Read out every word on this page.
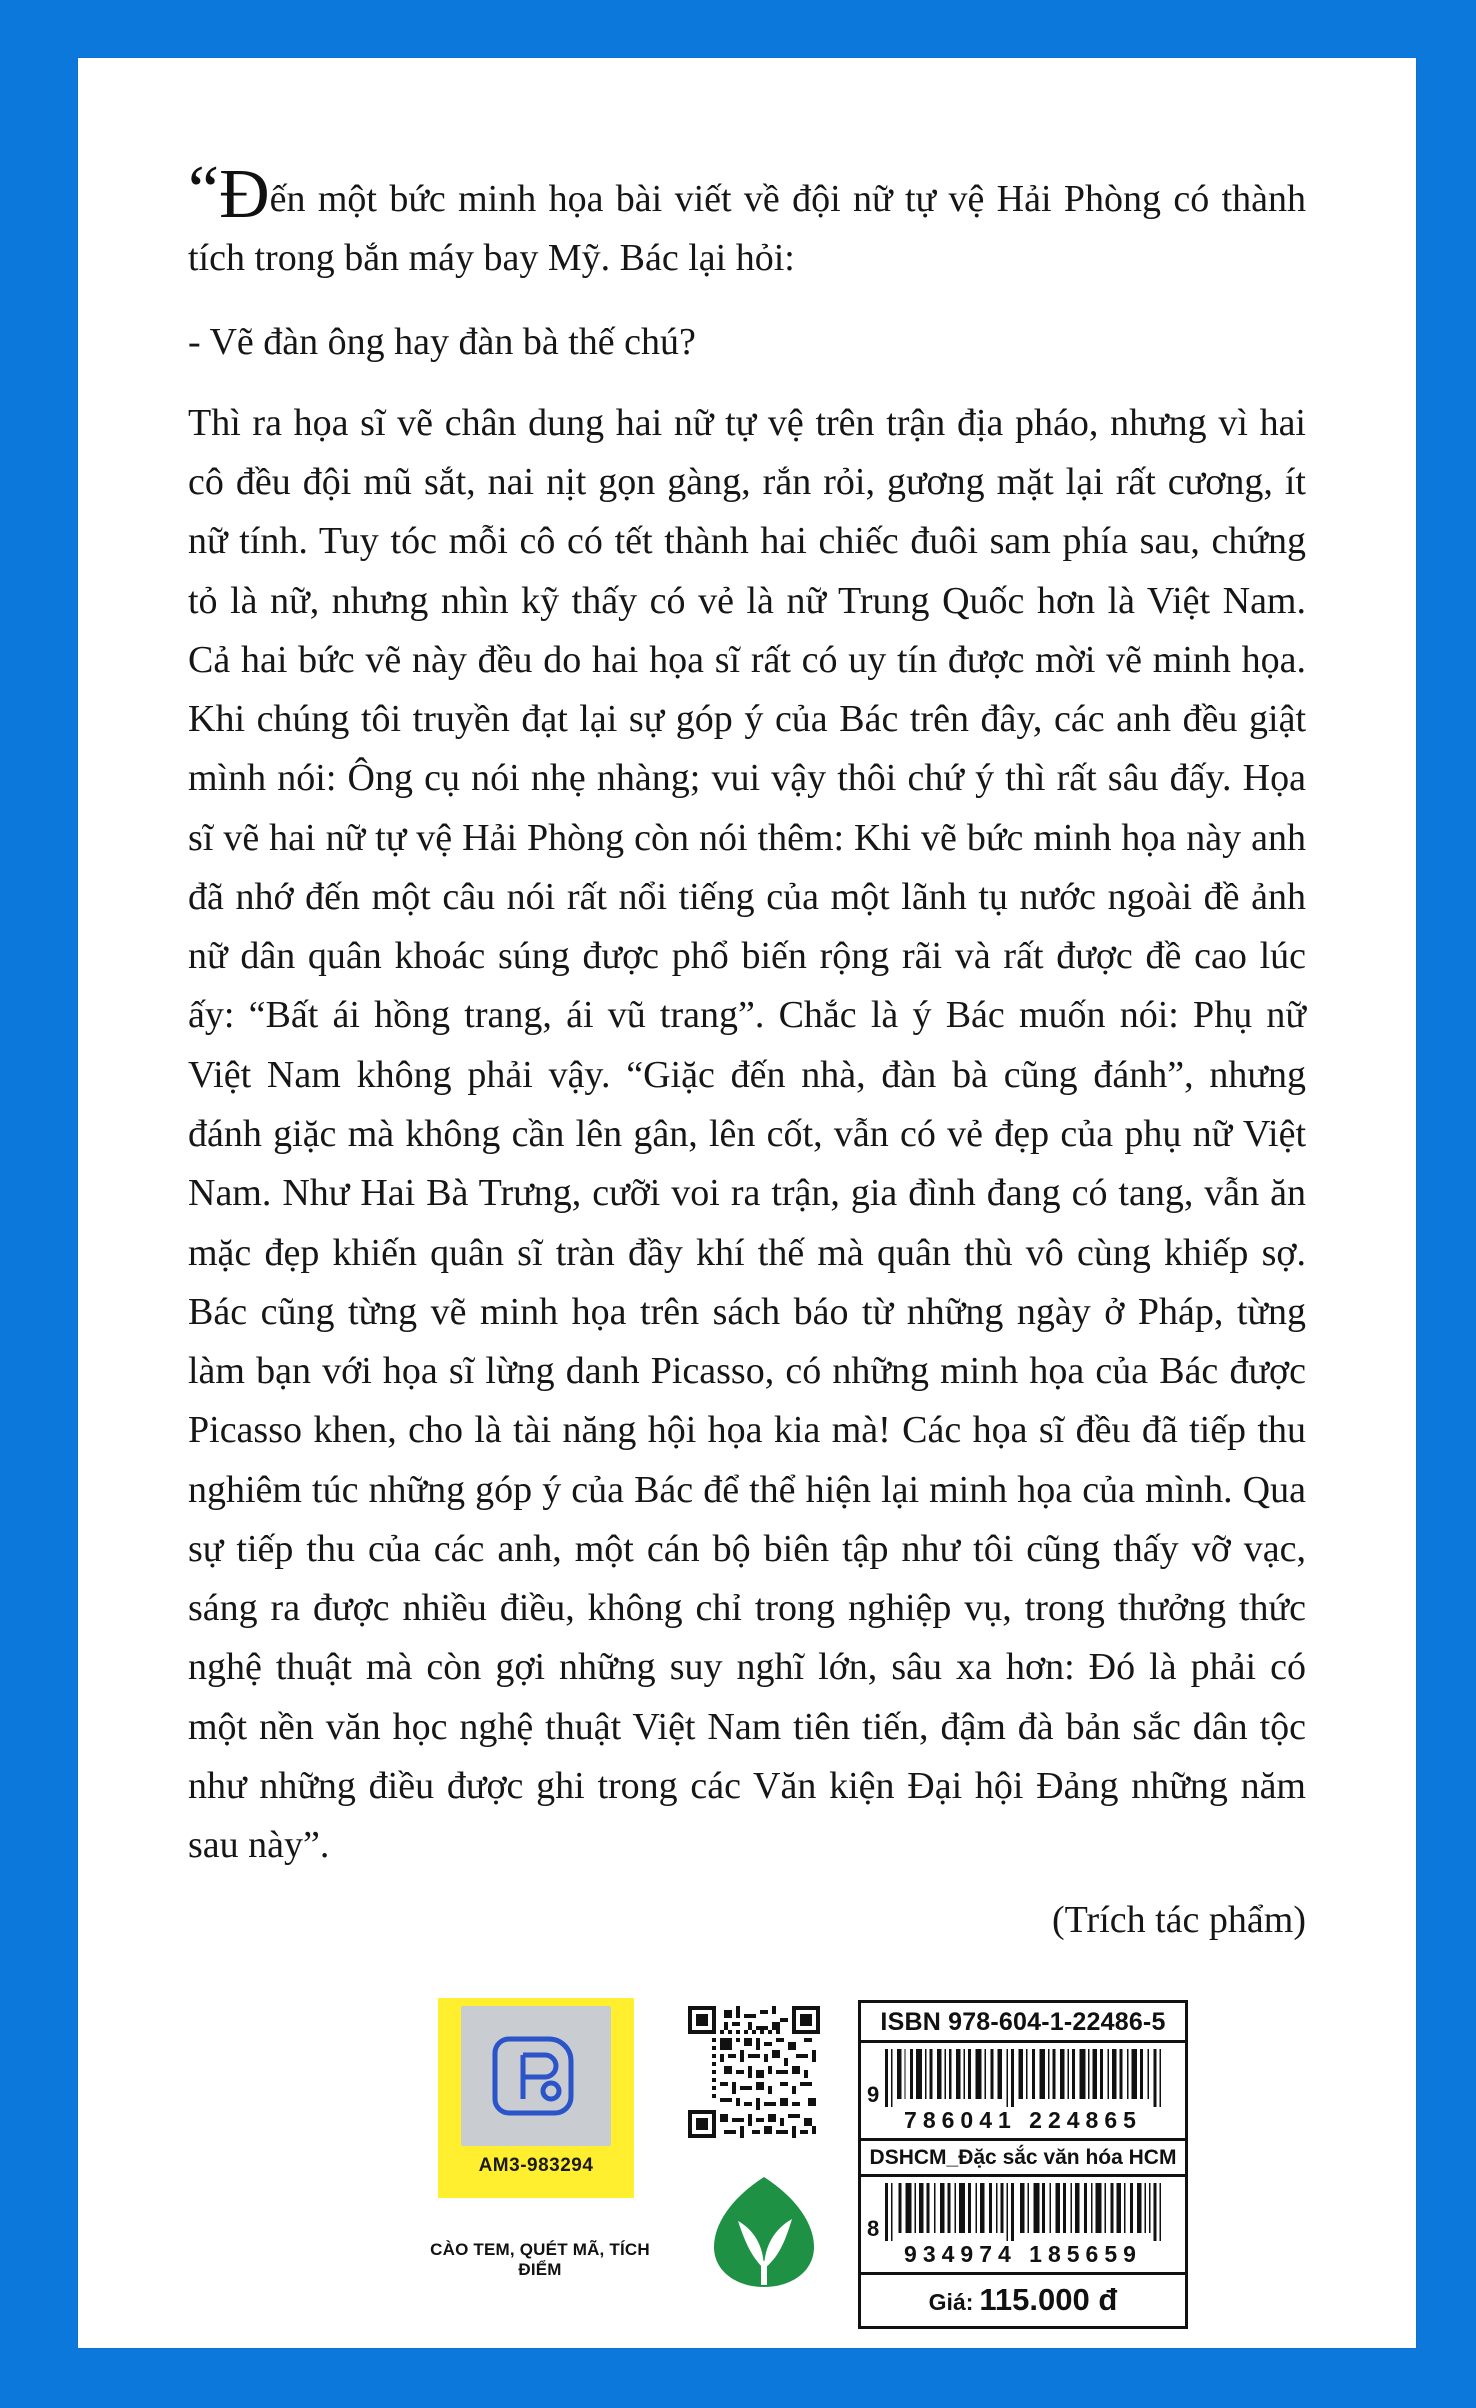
“Đến một bức minh họa bài viết về đội nữ tự vệ Hải Phòng có thành tích trong bắn máy bay Mỹ. Bác lại hỏi:

- Vẽ đàn ông hay đàn bà thế chú?

Thì ra họa sĩ vẽ chân dung hai nữ tự vệ trên trận địa pháo, nhưng vì hai cô đều đội mũ sắt, nai nịt gọn gàng, rắn rỏi, gương mặt lại rất cương, ít nữ tính. Tuy tóc mỗi cô có tết thành hai chiếc đuôi sam phía sau, chứng tỏ là nữ, nhưng nhìn kỹ thấy có vẻ là nữ Trung Quốc hơn là Việt Nam. Cả hai bức vẽ này đều do hai họa sĩ rất có uy tín được mời vẽ minh họa. Khi chúng tôi truyền đạt lại sự góp ý của Bác trên đây, các anh đều giật mình nói: Ông cụ nói nhẹ nhàng; vui vậy thôi chứ ý thì rất sâu đấy. Họa sĩ vẽ hai nữ tự vệ Hải Phòng còn nói thêm: Khi vẽ bức minh họa này anh đã nhớ đến một câu nói rất nổi tiếng của một lãnh tụ nước ngoài đề ảnh nữ dân quân khoác súng được phổ biến rộng rãi và rất được đề cao lúc ấy: “Bất ái hồng trang, ái vũ trang”. Chắc là ý Bác muốn nói: Phụ nữ Việt Nam không phải vậy. “Giặc đến nhà, đàn bà cũng đánh”, nhưng đánh giặc mà không cần lên gân, lên cốt, vẫn có vẻ đẹp của phụ nữ Việt Nam. Như Hai Bà Trưng, cưỡi voi ra trận, gia đình đang có tang, vẫn ăn mặc đẹp khiến quân sĩ tràn đầy khí thế mà quân thù vô cùng khiếp sợ. Bác cũng từng vẽ minh họa trên sách báo từ những ngày ở Pháp, từng làm bạn với họa sĩ lừng danh Picasso, có những minh họa của Bác được Picasso khen, cho là tài năng hội họa kia mà! Các họa sĩ đều đã tiếp thu nghiêm túc những góp ý của Bác để thể hiện lại minh họa của mình. Qua sự tiếp thu của các anh, một cán bộ biên tập như tôi cũng thấy vỡ vạc, sáng ra được nhiều điều, không chỉ trong nghiệp vụ, trong thưởng thức nghệ thuật mà còn gợi những suy nghĩ lớn, sâu xa hơn: Đó là phải có một nền văn học nghệ thuật Việt Nam tiên tiến, đậm đà bản sắc dân tộc như những điều được ghi trong các Văn kiện Đại hội Đảng những năm sau này”.

(Trích tác phẩm)
AM3-983294
CÀO TEM, QUÉT MÃ, TÍCH ĐIỂM
ISBN 978-604-1-22486-5
9
786041 224865
DSHCM_Đặc sắc văn hóa HCM
8
934974 185659
Giá: 115.000 đ
